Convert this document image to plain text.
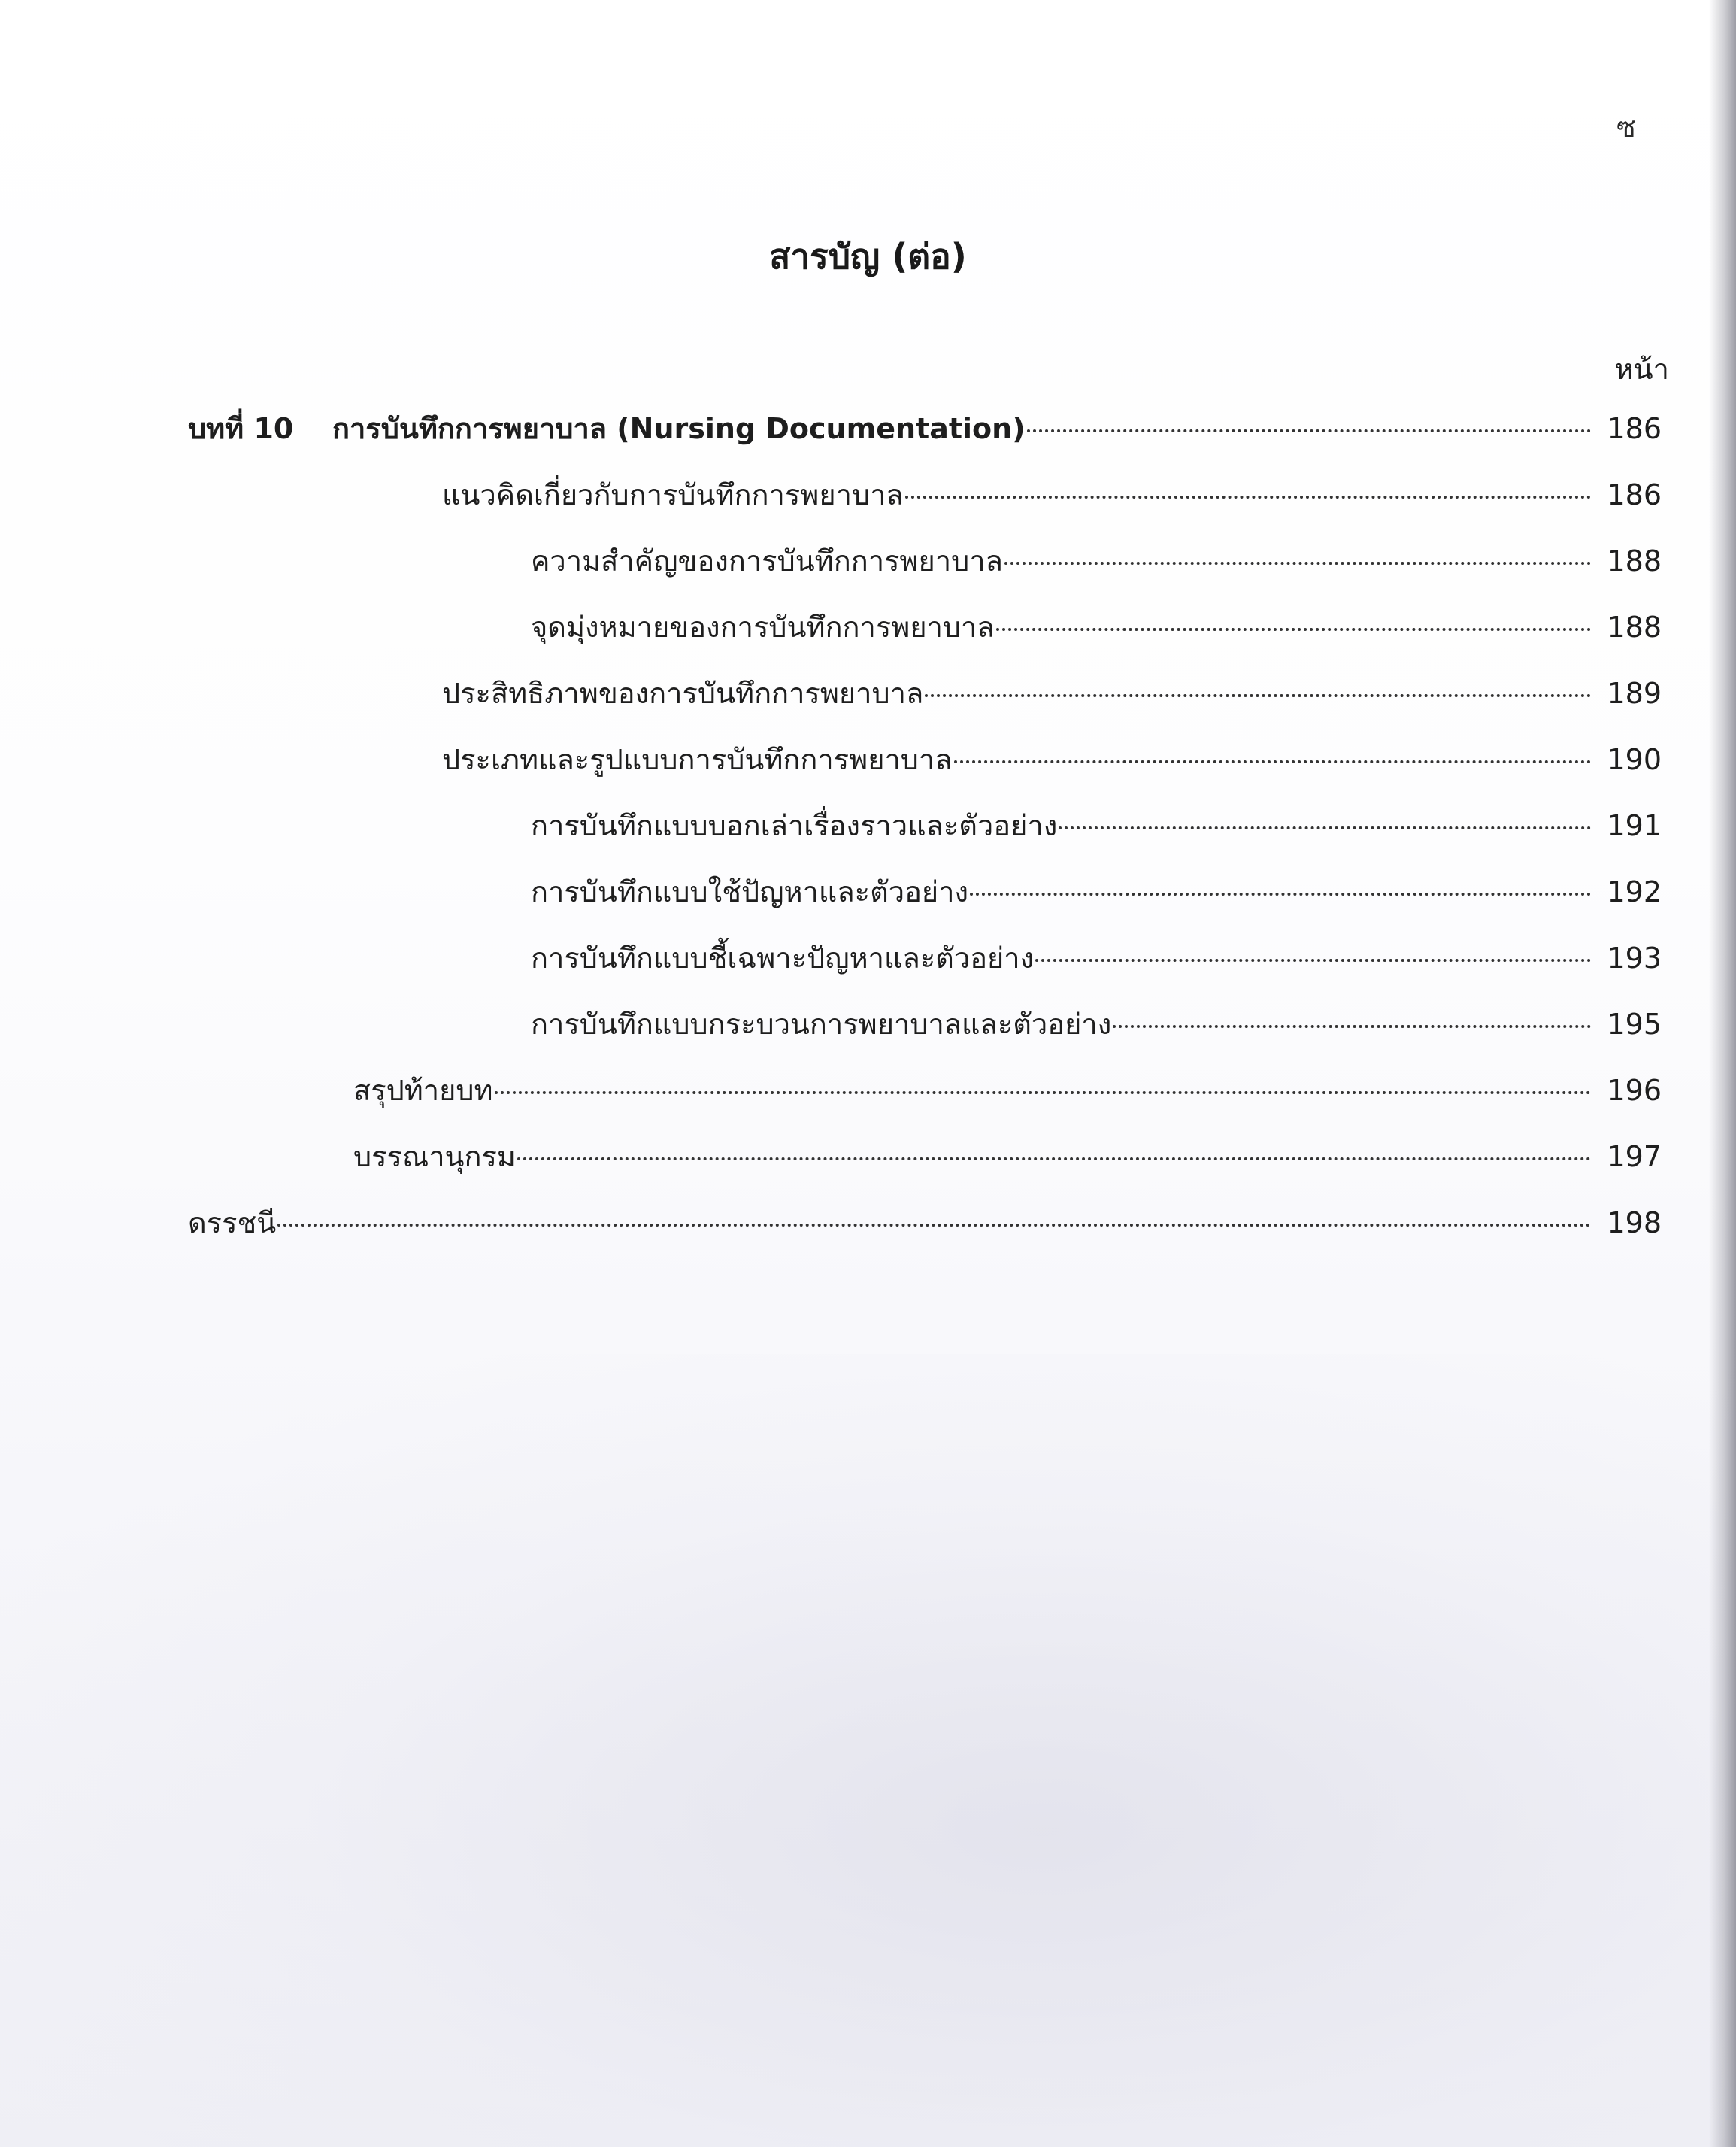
ซ
สารบัญ (ต่อ)
หน้า
บทที่ 10	การบันทึกการพยาบาล (Nursing Documentation)	186
แนวคิดเกี่ยวกับการบันทึกการพยาบาล	186
ความสำคัญของการบันทึกการพยาบาล	188
จุดมุ่งหมายของการบันทึกการพยาบาล	188
ประสิทธิภาพของการบันทึกการพยาบาล	189
ประเภทและรูปแบบการบันทึกการพยาบาล	190
การบันทึกแบบบอกเล่าเรื่องราวและตัวอย่าง	191
การบันทึกแบบใช้ปัญหาและตัวอย่าง	192
การบันทึกแบบชี้เฉพาะปัญหาและตัวอย่าง	193
การบันทึกแบบกระบวนการพยาบาลและตัวอย่าง	195
สรุปท้ายบท	196
บรรณานุกรม	197
ดรรชนี	198
